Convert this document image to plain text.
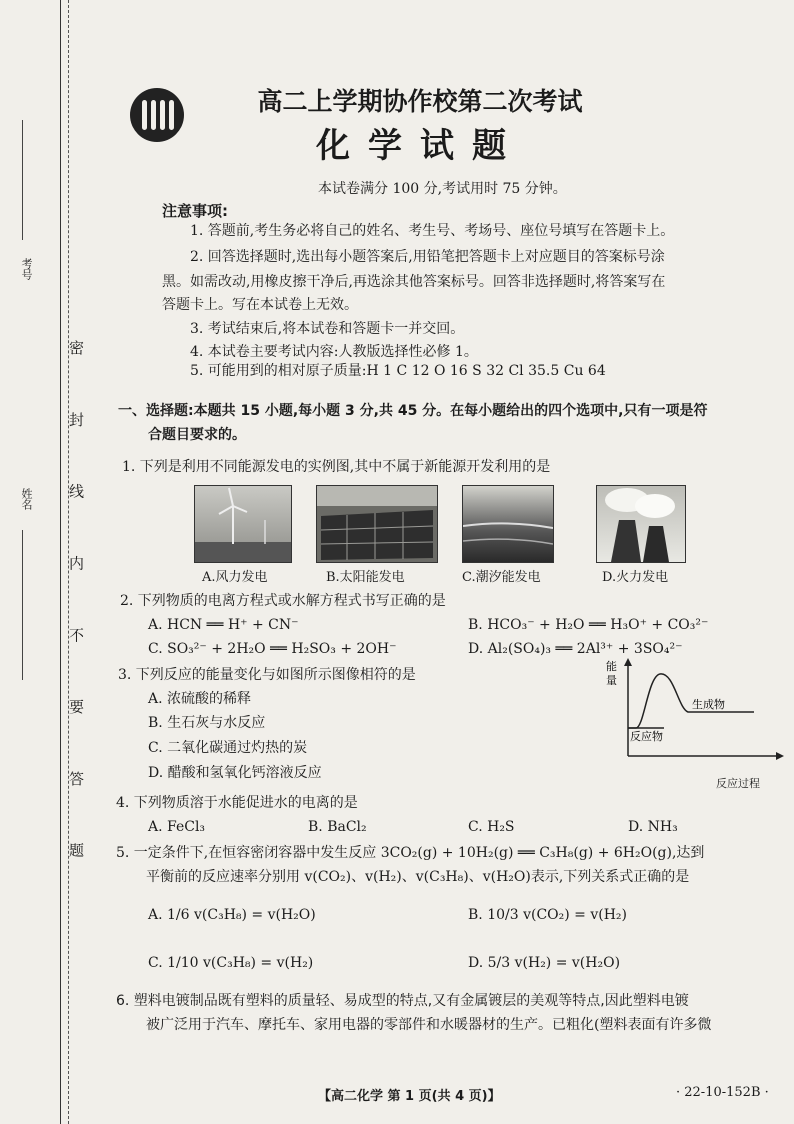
考号
姓名 密 封 线 内 不 要 答 题
高二上学期协作校第二次考试
化学试题
本试卷满分 100 分,考试用时 75 分钟。
注意事项:
1. 答题前,考生务必将自己的姓名、考生号、考场号、座位号填写在答题卡上。
2. 回答选择题时,选出每小题答案后,用铅笔把答题卡上对应题目的答案标号涂
黑。如需改动,用橡皮擦干净后,再选涂其他答案标号。回答非选择题时,将答案写在
答题卡上。写在本试卷上无效。
3. 考试结束后,将本试卷和答题卡一并交回。
4. 本试卷主要考试内容:人教版选择性必修 1。
5. 可能用到的相对原子质量:H 1 C 12 O 16 S 32 Cl 35.5 Cu 64
一、选择题:本题共 15 小题,每小题 3 分,共 45 分。在每小题给出的四个选项中,只有一项是符
合题目要求的。
1. 下列是利用不同能源发电的实例图,其中不属于新能源开发利用的是
A.风力发电	B.太阳能发电	C.潮汐能发电	D.火力发电
2. 下列物质的电离方程式或水解方程式书写正确的是
A. HCN ══ H⁺ + CN⁻	B. HCO₃⁻ + H₂O ══ H₃O⁺ + CO₃²⁻
C. SO₃²⁻ + 2H₂O ══ H₂SO₃ + 2OH⁻	D. Al₂(SO₄)₃ ══ 2Al³⁺ + 3SO₄²⁻
3. 下列反应的能量变化与如图所示图像相符的是
A. 浓硫酸的稀释
B. 生石灰与水反应
C. 二氧化碳通过灼热的炭
D. 醋酸和氢氧化钙溶液反应
能
量
生成物
反应物
反应过程
4. 下列物质溶于水能促进水的电离的是
A. FeCl₃	B. BaCl₂	C. H₂S	D. NH₃
5. 一定条件下,在恒容密闭容器中发生反应 3CO₂(g) + 10H₂(g) ══ C₃H₈(g) + 6H₂O(g),达到
平衡前的反应速率分别用 v(CO₂)、v(H₂)、v(C₃H₈)、v(H₂O)表示,下列关系式正确的是
A. 1/6 v(C₃H₈) = v(H₂O)	B. 10/3 v(CO₂) = v(H₂)
C. 1/10 v(C₃H₈) = v(H₂)	D. 5/3 v(H₂) = v(H₂O)
6. 塑料电镀制品既有塑料的质量轻、易成型的特点,又有金属镀层的美观等特点,因此塑料电镀
被广泛用于汽车、摩托车、家用电器的零部件和水暖器材的生产。已粗化(塑料表面有许多微
【高二化学 第 1 页(共 4 页)】	· 22-10-152B ·
